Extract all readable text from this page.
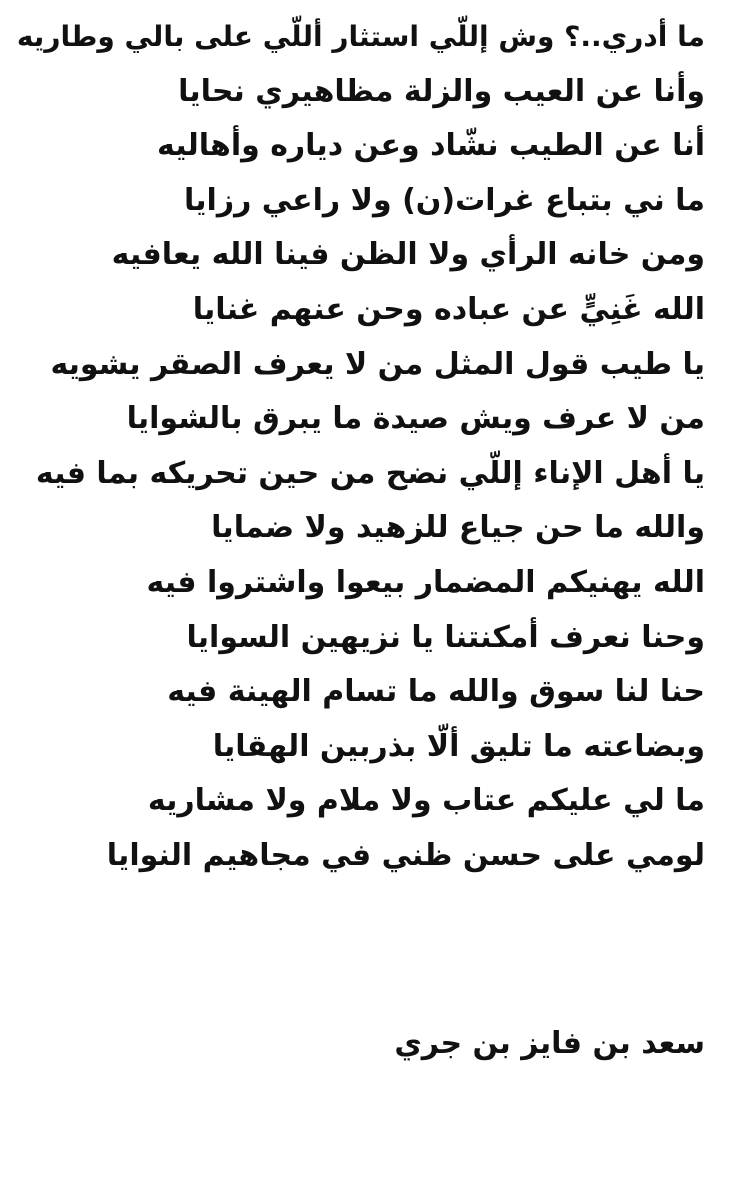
ما أدري..؟ وش إللّي استثار أللّي على بالي وطاريه
وأنا عن العيب والزلة مظاهيري نحايا
أنا عن الطيب نشّاد وعن دياره وأهاليه
ما ني بتباع غرات(ن) ولا راعي رزايا
ومن خانه الرأي ولا الظن فينا الله يعافيه
الله غَنِيٍّ عن عباده وحن عنهم غنايا
يا طيب قول المثل من لا يعرف الصقر يشويه
من لا عرف ويش صيدة ما يبرق بالشوايا
يا أهل الإناء إللّي نضح من حين تحريكه بما فيه
والله ما حن جياع للزهيد ولا ضمايا
الله يهنيكم المضمار بيعوا واشتروا فيه
وحنا نعرف أمكنتنا يا نزيهين السوايا
حنا لنا سوق والله ما تسام الهينة فيه
وبضاعته ما تليق ألّا بذربين الهقايا
ما لي عليكم عتاب ولا ملام ولا مشاريه
لومي على حسن ظني في مجاهيم النوايا
سعد بن فايز بن جري
